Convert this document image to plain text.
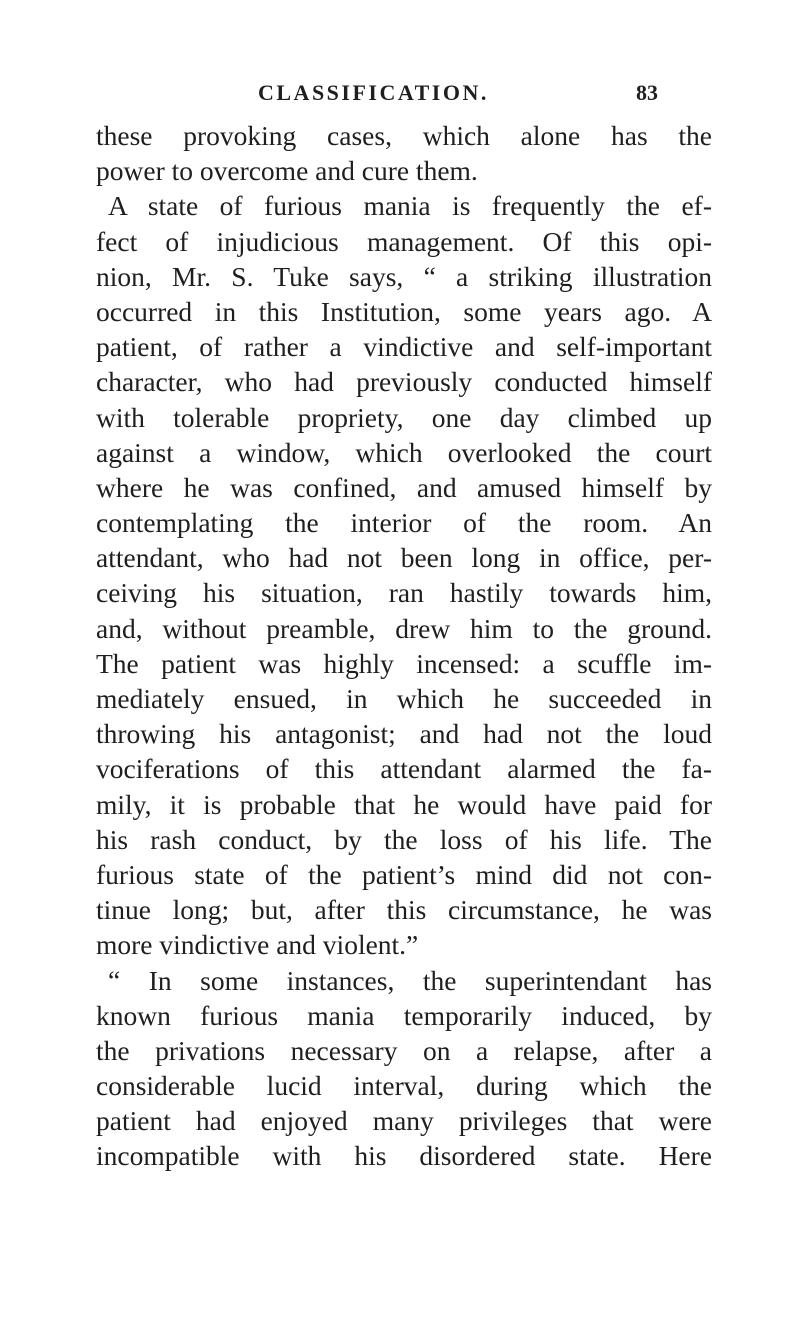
CLASSIFICATION.	83
these provoking cases, which alone has the
power to overcome and cure them.
A state of furious mania is frequently the ef-
fect of injudicious management. Of this opi-
nion, Mr. S. Tuke says, “ a striking illustration
occurred in this Institution, some years ago. A
patient, of rather a vindictive and self-important
character, who had previously conducted himself
with tolerable propriety, one day climbed up
against a window, which overlooked the court
where he was confined, and amused himself by
contemplating the interior of the room. An
attendant, who had not been long in office, per-
ceiving his situation, ran hastily towards him,
and, without preamble, drew him to the ground.
The patient was highly incensed: a scuffle im-
mediately ensued, in which he succeeded in
throwing his antagonist; and had not the loud
vociferations of this attendant alarmed the fa-
mily, it is probable that he would have paid for
his rash conduct, by the loss of his life. The
furious state of the patient’s mind did not con-
tinue long; but, after this circumstance, he was
more vindictive and violent.”
“ In some instances, the superintendant has
known furious mania temporarily induced, by
the privations necessary on a relapse, after a
considerable lucid interval, during which the
patient had enjoyed many privileges that were
incompatible with his disordered state. Here
